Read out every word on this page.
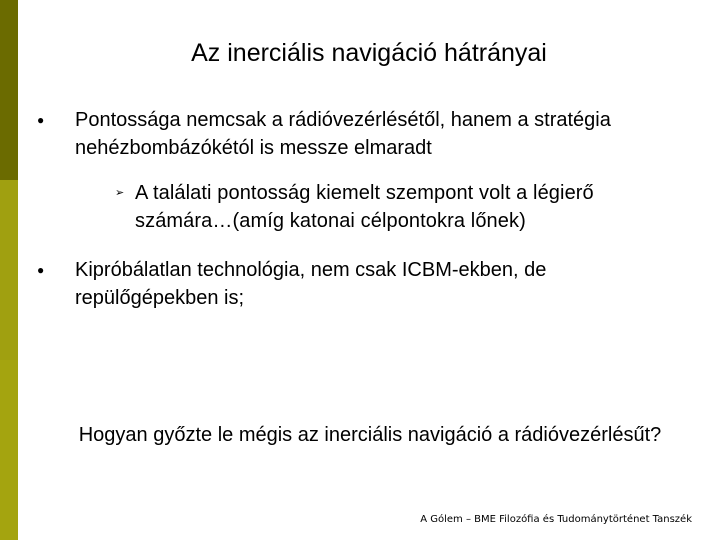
Az inerciális navigáció hátrányai
●	Pontossága nemcsak a rádióvezérlésétől, hanem a stratégia nehézbombázókétól is messze elmaradt
➢ A találati pontosság kiemelt szempont volt a légierő számára…(amíg katonai célpontokra lőnek)
●	Kipróbálatlan technológia, nem csak ICBM-ekben, de repülőgépekben is;
Hogyan győzte le mégis az inerciális navigáció a rádióvezérlésűt?
A Gólem – BME Filozófia és Tudománytörténet Tanszék
